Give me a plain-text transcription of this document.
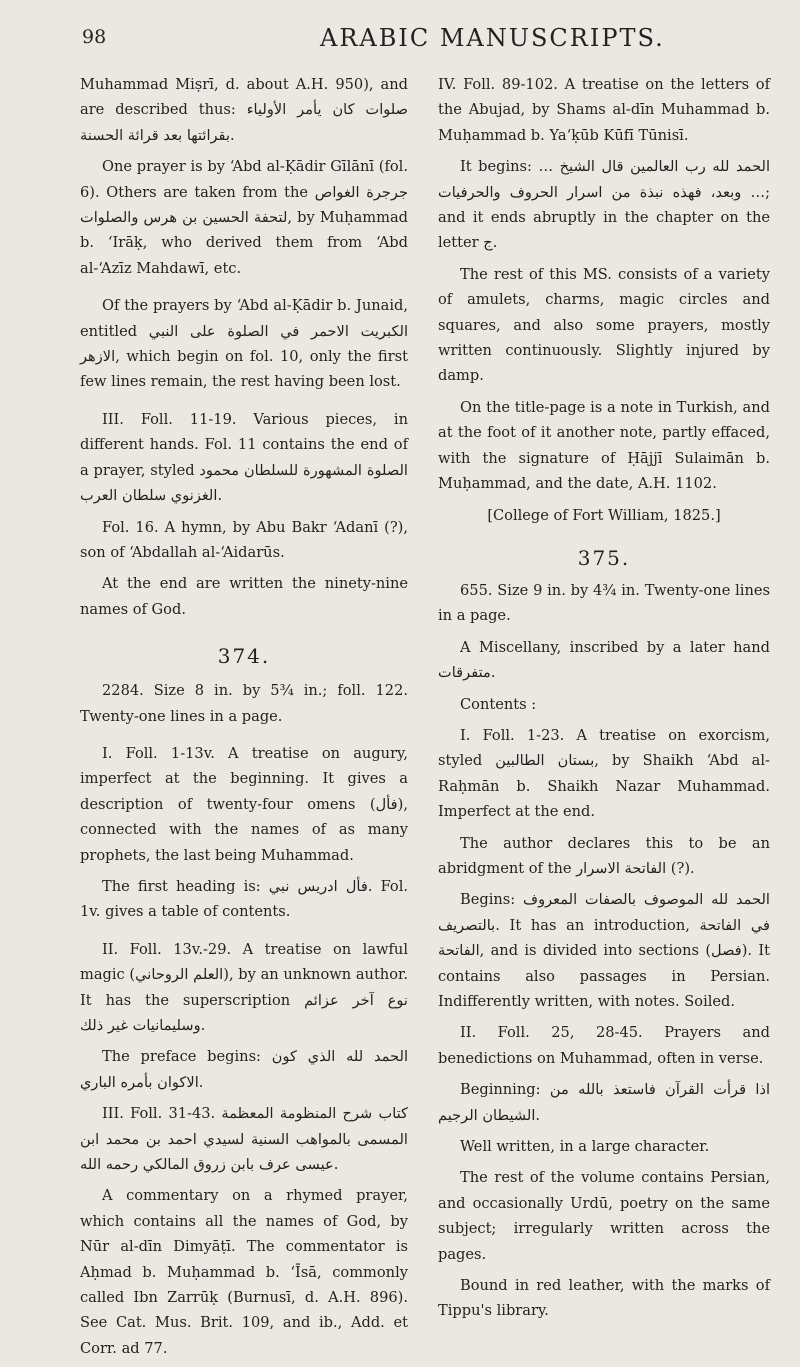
98	ARABIC MANUSCRIPTS.

Muhammad Miṣrī, d. about A.H. 950), and are described thus: صلوات كان يأمر الأولياء بقرائتها بعد قرائة الحسنة.

One prayer is by ‘Abd al-Ḳādir Gīlānī (fol. 6). Others are taken from the جرجرة الغواص لتحفة الحسين بن هرس والصلوات, by Muḥammad b. ‘Irāḳ, who derived them from ‘Abd al-‘Azīz Mahdawī, etc.

Of the prayers by ‘Abd al-Ḳādir b. Junaid, entitled الكبريت الاحمر في الصلوة على النبي الازهر, which begin on fol. 10, only the first few lines remain, the rest having been lost.

III. Foll. 11-19. Various pieces, in different hands. Fol. 11 contains the end of a prayer, styled الصلوة المشهورة للسلطان محمود الغزنوي سلطان العرب.

Fol. 16. A hymn, by Abu Bakr ‘Adanī (?), son of ‘Abdallah al-‘Aidarūs.

At the end are written the ninety-nine names of God.

374.

2284. Size 8 in. by 5¾ in.; foll. 122. Twenty-one lines in a page.

I. Foll. 1-13v. A treatise on augury, imperfect at the beginning. It gives a description of twenty-four omens (فأل), connected with the names of as many prophets, the last being Muhammad.

The first heading is: فأل ادريس نبي. Fol. 1v. gives a table of contents.

II. Foll. 13v.-29. A treatise on lawful magic (العلم الروحاني), by an unknown author. It has the superscription نوع آخر عزائم وسليمانيات غير ذلك.

The preface begins: الحمد لله الذي كون الاكوان بأمره الباري.

III. Foll. 31-43. كتاب شرح المنظومة المعظمة المسمى بالمواهب السنية لسيدي احمد بن محمد ابن عيسى عرف بابن زروق المالكي رحمه الله.

A commentary on a rhymed prayer, which contains all the names of God, by Nūr al-dīn Dimyāṭī. The commentator is Aḥmad b. Muḥammad b. ‘Īsā, commonly called Ibn Zarrūḳ (Burnusī, d. A.H. 896). See Cat. Mus. Brit. 109, and ib., Add. et Corr. ad 77.

IV. Foll. 89-102. A treatise on the letters of the Abujad, by Shams al-dīn Muhammad b. Muḥammad b. Ya‘ḳūb Kūfī Tūnisī.

It begins: … الحمد لله رب العالمين قال الشيخ … وبعد، فهذه نبذة من اسرار الحروف والحرفيات; and it ends abruptly in the chapter on the letter ج.

The rest of this MS. consists of a variety of amulets, charms, magic circles and squares, and also some prayers, mostly written continuously. Slightly injured by damp.

On the title-page is a note in Turkish, and at the foot of it another note, partly effaced, with the signature of Ḥājjī Sulaimān b. Muḥammad, and the date, A.H. 1102.

[College of Fort William, 1825.]

375.

655. Size 9 in. by 4¾ in. Twenty-one lines in a page.

A Miscellany, inscribed by a later hand متفرقات.

Contents :

I. Foll. 1-23. A treatise on exorcism, styled بستان الطالبين, by Shaikh ‘Abd al-Raḥmān b. Shaikh Nazar Muhammad. Imperfect at the end.

The author declares this to be an abridgment of the الفاتحة الاسرار (?).

Begins: الحمد لله الموصوف بالصفات المعروف بالتصريف. It has an introduction, في الفاتحة الفاتحة, and is divided into sections (فصل). It contains also passages in Persian. Indifferently written, with notes. Soiled.

II. Foll. 25, 28-45. Prayers and benedictions on Muhammad, often in verse.

Beginning: اذا قرأت القرآن فاستعذ بالله من الشيطان الرجيم.

Well written, in a large character.

The rest of the volume contains Persian, and occasionally Urdū, poetry on the same subject; irregularly written across the pages.

Bound in red leather, with the marks of Tippu's library.
